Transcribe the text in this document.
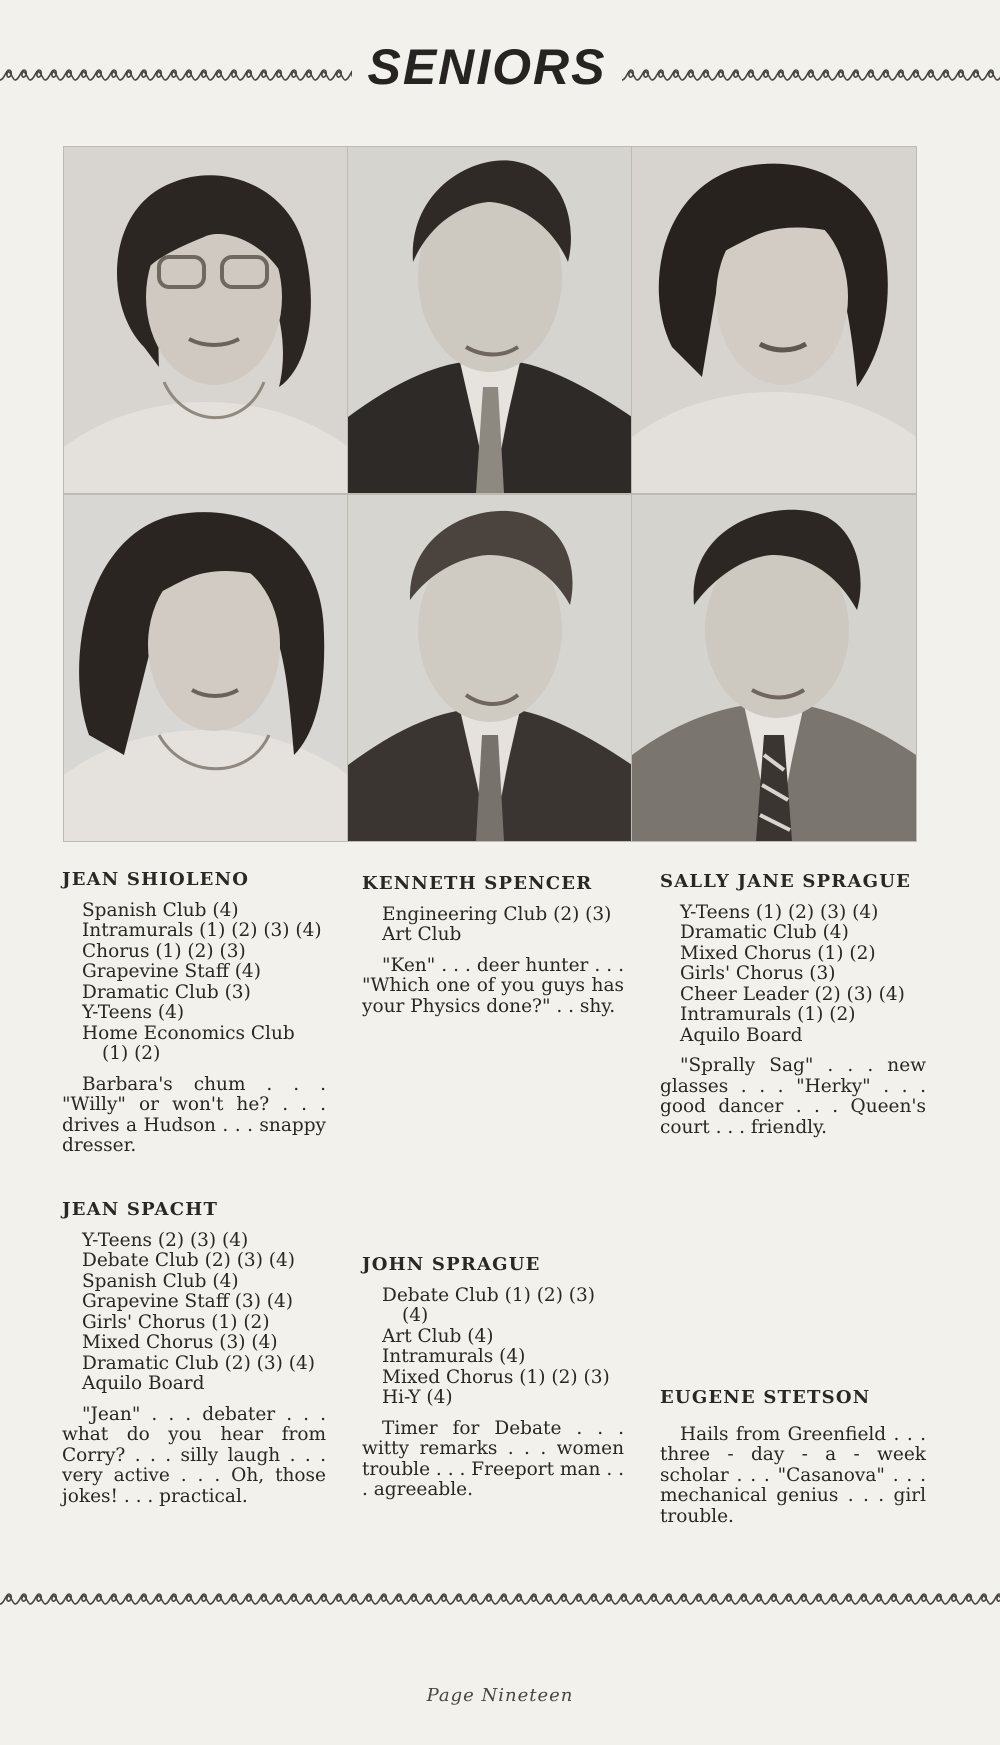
SENIORS
JEAN SHIOLENO
Spanish Club (4)
Intramurals (1) (2) (3) (4)
Chorus (1) (2) (3)
Grapevine Staff (4)
Dramatic Club (3)
Y-Teens (4)
Home Economics Club (1) (2)
Barbara's chum . . . "Willy" or won't he? . . . drives a Hudson . . . snappy dresser.
JEAN SPACHT
Y-Teens (2) (3) (4)
Debate Club (2) (3) (4)
Spanish Club (4)
Grapevine Staff (3) (4)
Girls' Chorus (1) (2)
Mixed Chorus (3) (4)
Dramatic Club (2) (3) (4)
Aquilo Board
"Jean" . . . debater . . . what do you hear from Corry? . . . silly laugh . . . very active . . . Oh, those jokes! . . . practical.
KENNETH SPENCER
Engineering Club (2) (3)
Art Club
"Ken" . . . deer hunter . . . "Which one of you guys has your Physics done?" . . shy.
JOHN SPRAGUE
Debate Club (1) (2) (3) (4)
Art Club (4)
Intramurals (4)
Mixed Chorus (1) (2) (3)
Hi-Y (4)
Timer for Debate . . . witty remarks . . . women trouble . . . Freeport man . . . agreeable.
SALLY JANE SPRAGUE
Y-Teens (1) (2) (3) (4)
Dramatic Club (4)
Mixed Chorus (1) (2)
Girls' Chorus (3)
Cheer Leader (2) (3) (4)
Intramurals (1) (2)
Aquilo Board
"Sprally Sag" . . . new glasses . . . "Herky" . . . good dancer . . . Queen's court . . . friendly.
EUGENE STETSON
Hails from Greenfield . . . three - day - a - week scholar . . . "Casanova" . . . mechanical genius . . . girl trouble.
Page Nineteen
